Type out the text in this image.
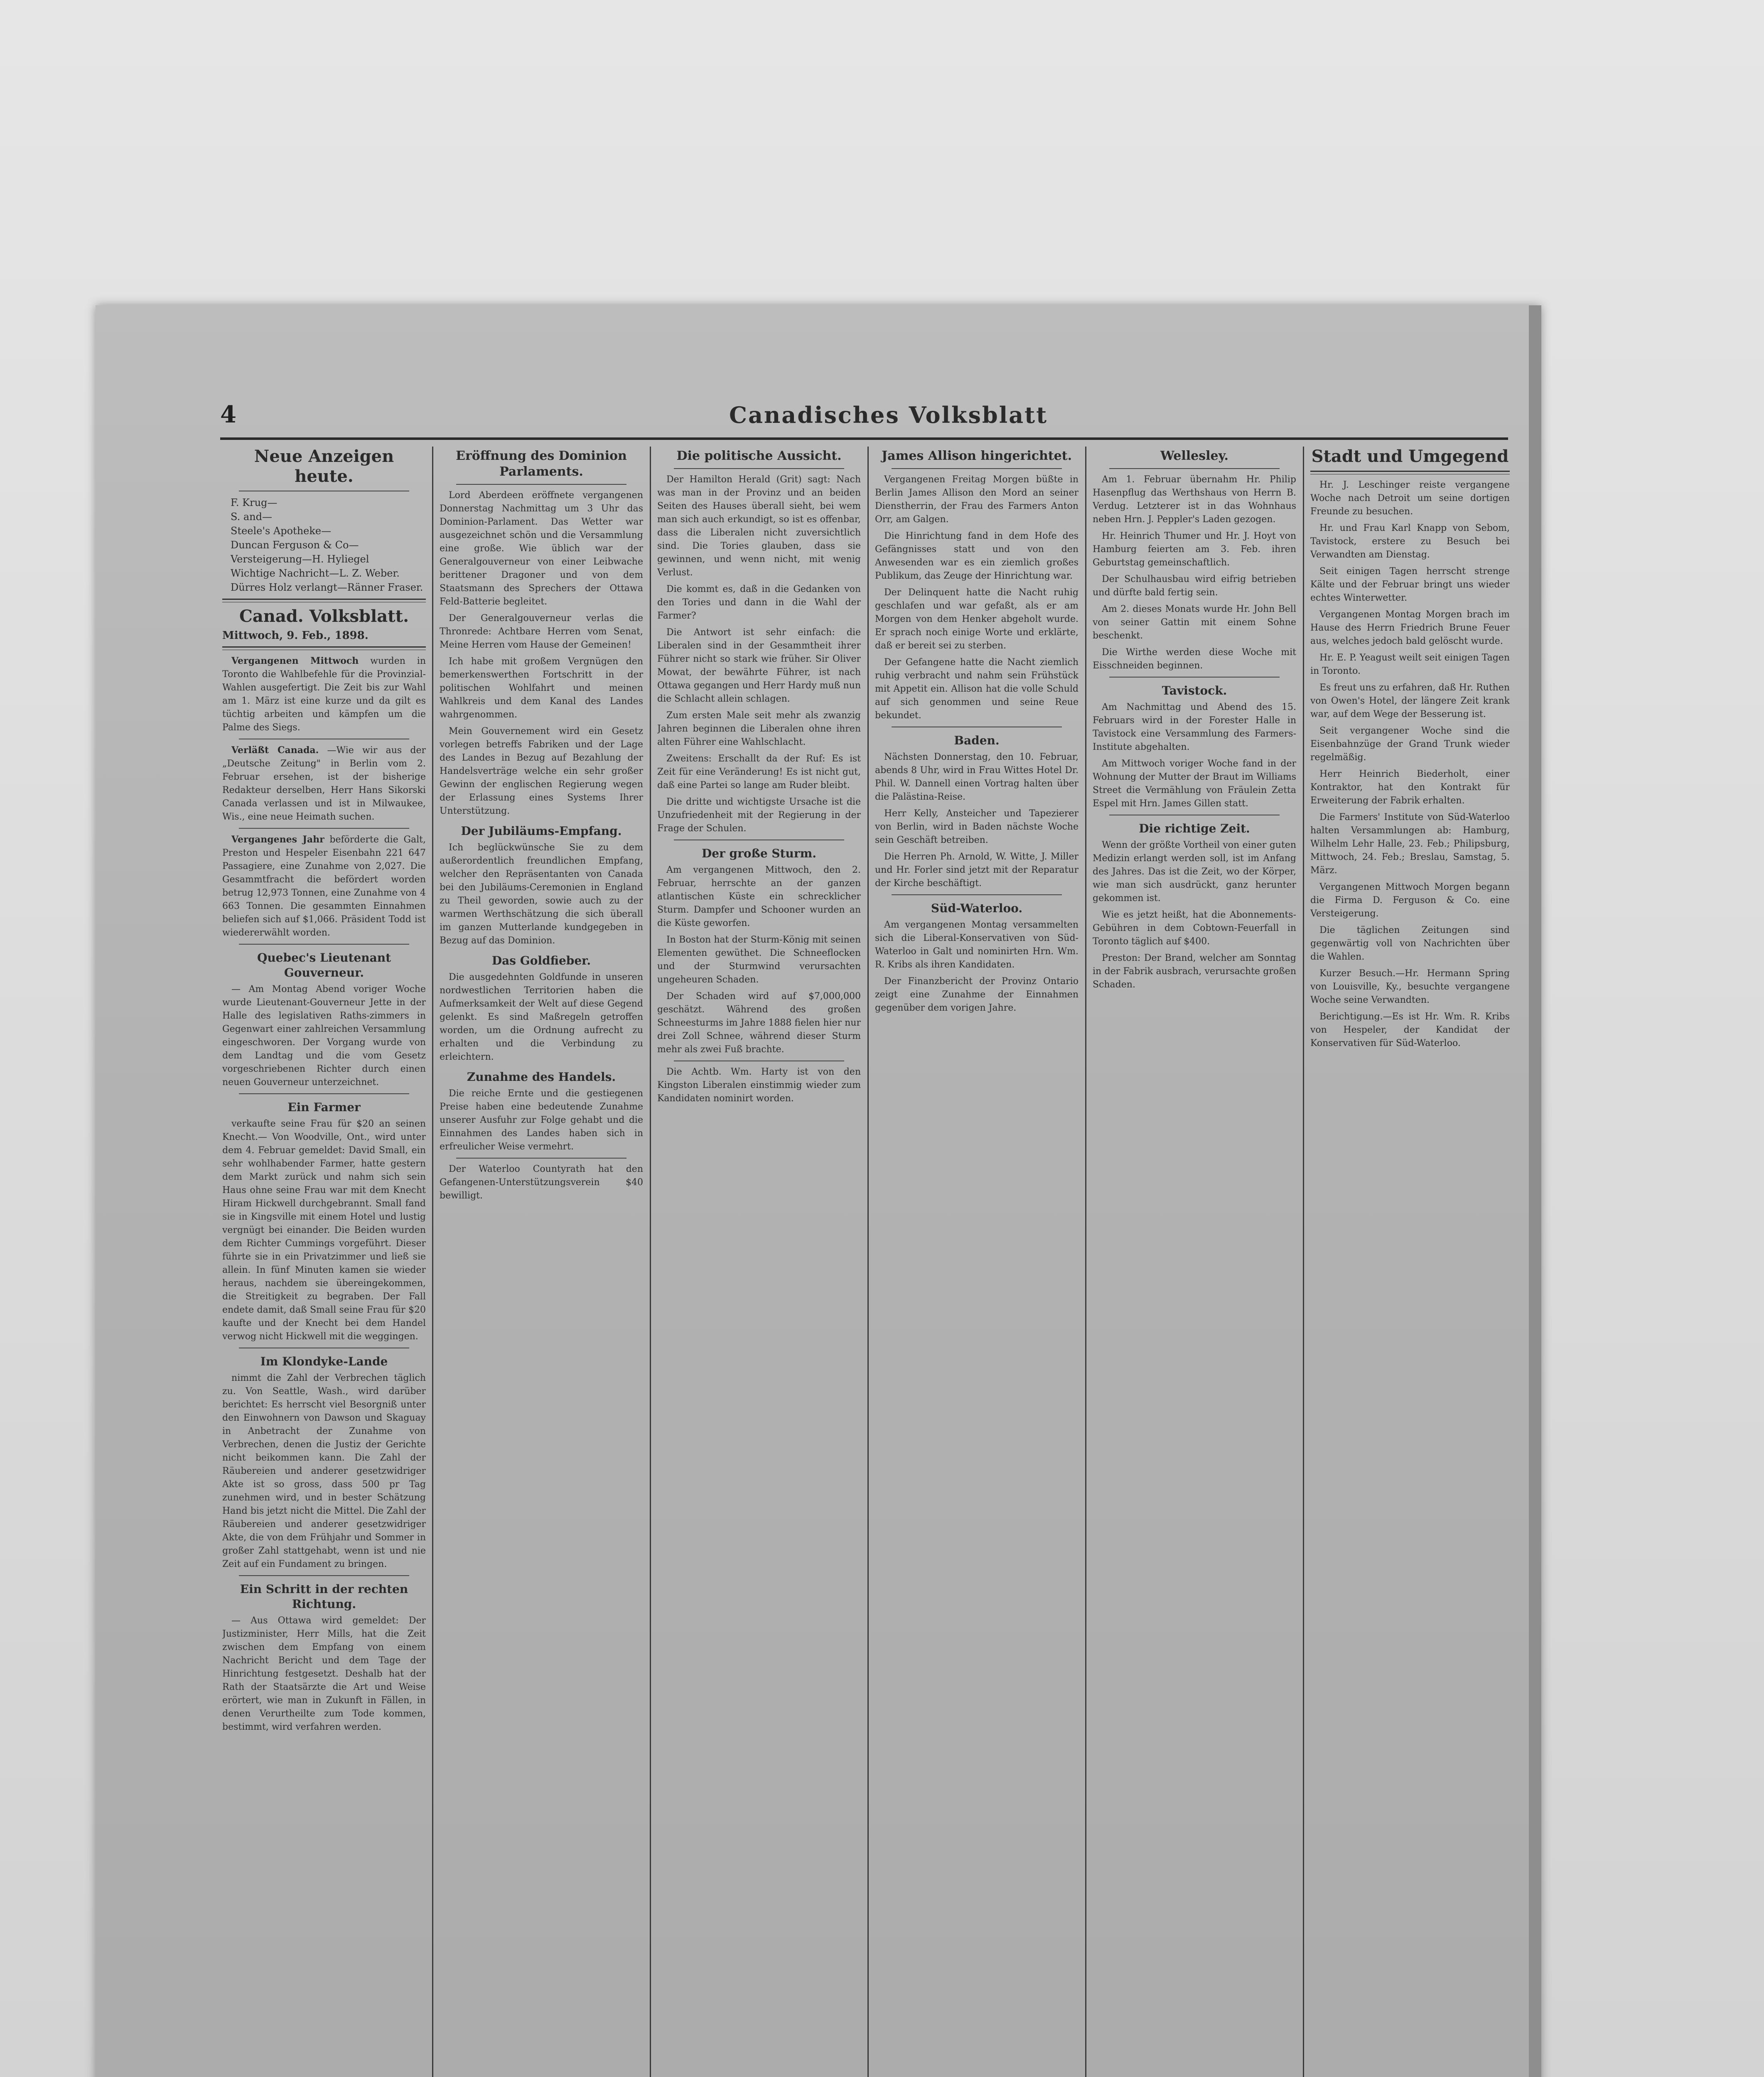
4	Canadisches Volksblatt
Neue Anzeigen heute.
F. Krug—
S. and—
Steele's Apotheke—
Duncan Ferguson & Co—
Versteigerung—H. Hyliegel
Wichtige Nachricht—L. Z. Weber.
Dürres Holz verlangt—Ränner Fraser.
Canad. Volksblatt.
Mittwoch, 9. Feb., 1898.

Vergangenen Mittwoch wurden in Toronto die Wahlbefehle für die Provinzial-Wahlen ausgefertigt. Die Zeit bis zur Wahl am 1. März ist eine kurze und da gilt es tüchtig arbeiten und kämpfen um die Palme des Siegs.

Verläßt Canada. —Wie wir aus der „Deutsche Zeitung" in Berlin vom 2. Februar ersehen, ist der bisherige Redakteur derselben, Herr Hans Sikorski Canada verlassen und ist in Milwaukee, Wis., eine neue Heimath suchen.

Vergangenes Jahr beförderte die Galt, Preston und Hespeler Eisenbahn 221 647 Passagiere, eine Zunahme von 2,027. Die Gesammtfracht die befördert worden betrug 12,973 Tonnen, eine Zunahme von 4 663 Tonnen. Die gesammten Einnahmen beliefen sich auf $1,066. Präsident Todd ist wiedererwählt worden.

Quebec's Lieutenant Gouverneur.

— Am Montag Abend voriger Woche wurde Lieutenant-Gouverneur Jette in der Halle des legislativen Raths-zimmers in Gegenwart einer zahlreichen Versammlung eingeschworen. Der Vorgang wurde von dem Landtag und die vom Gesetz vorgeschriebenen Richter durch einen neuen Gouverneur unterzeichnet.

Ein Farmer

verkaufte seine Frau für $20 an seinen Knecht.— Von Woodville, Ont., wird unter dem 4. Februar gemeldet: David Small, ein sehr wohlhabender Farmer, hatte gestern dem Markt zurück und nahm sich sein Haus ohne seine Frau war mit dem Knecht Hiram Hickwell durchgebrannt. Small fand sie in Kingsville mit einem Hotel und lustig vergnügt bei einander. Die Beiden wurden dem Richter Cummings vorgeführt. Dieser führte sie in ein Privatzimmer und ließ sie allein. In fünf Minuten kamen sie wieder heraus, nachdem sie übereingekommen, die Streitigkeit zu begraben. Der Fall endete damit, daß Small seine Frau für $20 kaufte und der Knecht bei dem Handel verwog nicht Hickwell mit die weggingen.

Im Klondyke-Lande

nimmt die Zahl der Verbrechen täglich zu. Von Seattle, Wash., wird darüber berichtet: Es herrscht viel Besorgniß unter den Einwohnern von Dawson und Skaguay in Anbetracht der Zunahme von Verbrechen, denen die Justiz der Gerichte nicht beikommen kann. Die Zahl der Räubereien und anderer gesetzwidriger Akte ist so gross, dass 500 pr Tag zunehmen wird, und in bester Schätzung Hand bis jetzt nicht die Mittel. Die Zahl der Räubereien und anderer gesetzwidriger Akte, die von dem Frühjahr und Sommer in großer Zahl stattgehabt, wenn ist und nie Zeit auf ein Fundament zu bringen.

Ein Schritt in der rechten Richtung.

— Aus Ottawa wird gemeldet: Der Justizminister, Herr Mills, hat die Zeit zwischen dem Empfang von einem Nachricht Bericht und dem Tage der Hinrichtung festgesetzt. Deshalb hat der Rath der Staatsärzte die Art und Weise erörtert, wie man in Zukunft in Fällen, in denen Verurtheilte zum Tode kommen, bestimmt, wird verfahren werden.

Eröffnung des Dominion Parlaments.

Lord Aberdeen eröffnete vergangenen Donnerstag Nachmittag um 3 Uhr das Dominion-Parlament. Das Wetter war ausgezeichnet schön und die Versammlung eine große. Wie üblich war der Generalgouverneur von einer Leibwache berittener Dragoner und von dem Staatsmann des Sprechers der Ottawa Feld-Batterie begleitet.

Der Generalgouverneur verlas die Thronrede: Achtbare Herren vom Senat, Meine Herren vom Hause der Gemeinen!

Ich habe mit großem Vergnügen den bemerkenswerthen Fortschritt in der politischen Wohlfahrt und meinen Wahlkreis und dem Kanal des Landes wahrgenommen.

Mein Gouvernement wird ein Gesetz vorlegen betreffs Fabriken und der Lage des Landes in Bezug auf Bezahlung der Handelsverträge welche ein sehr großer Gewinn der englischen Regierung wegen der Erlassung eines Systems Ihrer Unterstützung.

Der Jubiläums-Empfang.

Ich beglückwünsche Sie zu dem außerordentlich freundlichen Empfang, welcher den Repräsentanten von Canada bei den Jubiläums-Ceremonien in England zu Theil geworden, sowie auch zu der warmen Werthschätzung die sich überall im ganzen Mutterlande kundgegeben in Bezug auf das Dominion.

Das Goldfieber.

Die ausgedehnten Goldfunde in unseren nordwestlichen Territorien haben die Aufmerksamkeit der Welt auf diese Gegend gelenkt. Es sind Maßregeln getroffen worden, um die Ordnung aufrecht zu erhalten und die Verbindung zu erleichtern.

Zunahme des Handels.

Die reiche Ernte und die gestiegenen Preise haben eine bedeutende Zunahme unserer Ausfuhr zur Folge gehabt und die Einnahmen des Landes haben sich in erfreulicher Weise vermehrt.

Der Waterloo Countyrath hat den Gefangenen-Unterstützungsverein $40 bewilligt.

Die politische Aussicht.

Der Hamilton Herald (Grit) sagt: Nach was man in der Provinz und an beiden Seiten des Hauses überall sieht, bei wem man sich auch erkundigt, so ist es offenbar, dass die Liberalen nicht zuversichtlich sind. Die Tories glauben, dass sie gewinnen, und wenn nicht, mit wenig Verlust.

Die kommt es, daß in die Gedanken von den Tories und dann in die Wahl der Farmer?

Die Antwort ist sehr einfach: die Liberalen sind in der Gesammtheit ihrer Führer nicht so stark wie früher. Sir Oliver Mowat, der bewährte Führer, ist nach Ottawa gegangen und Herr Hardy muß nun die Schlacht allein schlagen.

Zum ersten Male seit mehr als zwanzig Jahren beginnen die Liberalen ohne ihren alten Führer eine Wahlschlacht.

Zweitens: Erschallt da der Ruf: Es ist Zeit für eine Veränderung! Es ist nicht gut, daß eine Partei so lange am Ruder bleibt.

Die dritte und wichtigste Ursache ist die Unzufriedenheit mit der Regierung in der Frage der Schulen.

Der große Sturm.

Am vergangenen Mittwoch, den 2. Februar, herrschte an der ganzen atlantischen Küste ein schrecklicher Sturm. Dampfer und Schooner wurden an die Küste geworfen.

In Boston hat der Sturm-König mit seinen Elementen gewüthet. Die Schneeflocken und der Sturmwind verursachten ungeheuren Schaden.

Der Schaden wird auf $7,000,000 geschätzt. Während des großen Schneesturms im Jahre 1888 fielen hier nur drei Zoll Schnee, während dieser Sturm mehr als zwei Fuß brachte.

Die Achtb. Wm. Harty ist von den Kingston Liberalen einstimmig wieder zum Kandidaten nominirt worden.

James Allison hingerichtet.

Vergangenen Freitag Morgen büßte in Berlin James Allison den Mord an seiner Dienstherrin, der Frau des Farmers Anton Orr, am Galgen.

Die Hinrichtung fand in dem Hofe des Gefängnisses statt und von den Anwesenden war es ein ziemlich großes Publikum, das Zeuge der Hinrichtung war.

Der Delinquent hatte die Nacht ruhig geschlafen und war gefaßt, als er am Morgen von dem Henker abgeholt wurde. Er sprach noch einige Worte und erklärte, daß er bereit sei zu sterben.

Der Gefangene hatte die Nacht ziemlich ruhig verbracht und nahm sein Frühstück mit Appetit ein. Allison hat die volle Schuld auf sich genommen und seine Reue bekundet.

Baden.

Nächsten Donnerstag, den 10. Februar, abends 8 Uhr, wird in Frau Wittes Hotel Dr. Phil. W. Dannell einen Vortrag halten über die Palästina-Reise.

Herr Kelly, Ansteicher und Tapezierer von Berlin, wird in Baden nächste Woche sein Geschäft betreiben.

Die Herren Ph. Arnold, W. Witte, J. Miller und Hr. Forler sind jetzt mit der Reparatur der Kirche beschäftigt.

Süd-Waterloo.

Am vergangenen Montag versammelten sich die Liberal-Konservativen von Süd-Waterloo in Galt und nominirten Hrn. Wm. R. Kribs als ihren Kandidaten.

Der Finanzbericht der Provinz Ontario zeigt eine Zunahme der Einnahmen gegenüber dem vorigen Jahre.

Wellesley.

Am 1. Februar übernahm Hr. Philip Hasenpflug das Werthshaus von Herrn B. Verdug. Letzterer ist in das Wohnhaus neben Hrn. J. Peppler's Laden gezogen.

Hr. Heinrich Thumer und Hr. J. Hoyt von Hamburg feierten am 3. Feb. ihren Geburtstag gemeinschaftlich.

Der Schulhausbau wird eifrig betrieben und dürfte bald fertig sein.

Am 2. dieses Monats wurde Hr. John Bell von seiner Gattin mit einem Sohne beschenkt.

Die Wirthe werden diese Woche mit Eisschneiden beginnen.

Tavistock.

Am Nachmittag und Abend des 15. Februars wird in der Forester Halle in Tavistock eine Versammlung des Farmers-Institute abgehalten.

Am Mittwoch voriger Woche fand in der Wohnung der Mutter der Braut im Williams Street die Vermählung von Fräulein Zetta Espel mit Hrn. James Gillen statt.

Die richtige Zeit.

Wenn der größte Vortheil von einer guten Medizin erlangt werden soll, ist im Anfang des Jahres. Das ist die Zeit, wo der Körper, wie man sich ausdrückt, ganz herunter gekommen ist.

Wie es jetzt heißt, hat die Abonnements-Gebühren in dem Cobtown-Feuerfall in Toronto täglich auf $400.

Preston: Der Brand, welcher am Sonntag in der Fabrik ausbrach, verursachte großen Schaden.

Stadt und Umgegend

Hr. J. Leschinger reiste vergangene Woche nach Detroit um seine dortigen Freunde zu besuchen.

Hr. und Frau Karl Knapp von Sebom, Tavistock, erstere zu Besuch bei Verwandten am Dienstag.

Seit einigen Tagen herrscht strenge Kälte und der Februar bringt uns wieder echtes Winterwetter.

Vergangenen Montag Morgen brach im Hause des Herrn Friedrich Brune Feuer aus, welches jedoch bald gelöscht wurde.

Hr. E. P. Yeagust weilt seit einigen Tagen in Toronto.

Es freut uns zu erfahren, daß Hr. Ruthen von Owen's Hotel, der längere Zeit krank war, auf dem Wege der Besserung ist.

Seit vergangener Woche sind die Eisenbahnzüge der Grand Trunk wieder regelmäßig.

Herr Heinrich Biederholt, einer Kontraktor, hat den Kontrakt für Erweiterung der Fabrik erhalten.

Die Farmers' Institute von Süd-Waterloo halten Versammlungen ab: Hamburg, Wilhelm Lehr Halle, 23. Feb.; Philipsburg, Mittwoch, 24. Feb.; Breslau, Samstag, 5. März.

Vergangenen Mittwoch Morgen begann die Firma D. Ferguson & Co. eine Versteigerung.

Die täglichen Zeitungen sind gegenwärtig voll von Nachrichten über die Wahlen.

Kurzer Besuch.—Hr. Hermann Spring von Louisville, Ky., besuchte vergangene Woche seine Verwandten.

Berichtigung.—Es ist Hr. Wm. R. Kribs von Hespeler, der Kandidat der Konservativen für Süd-Waterloo.
